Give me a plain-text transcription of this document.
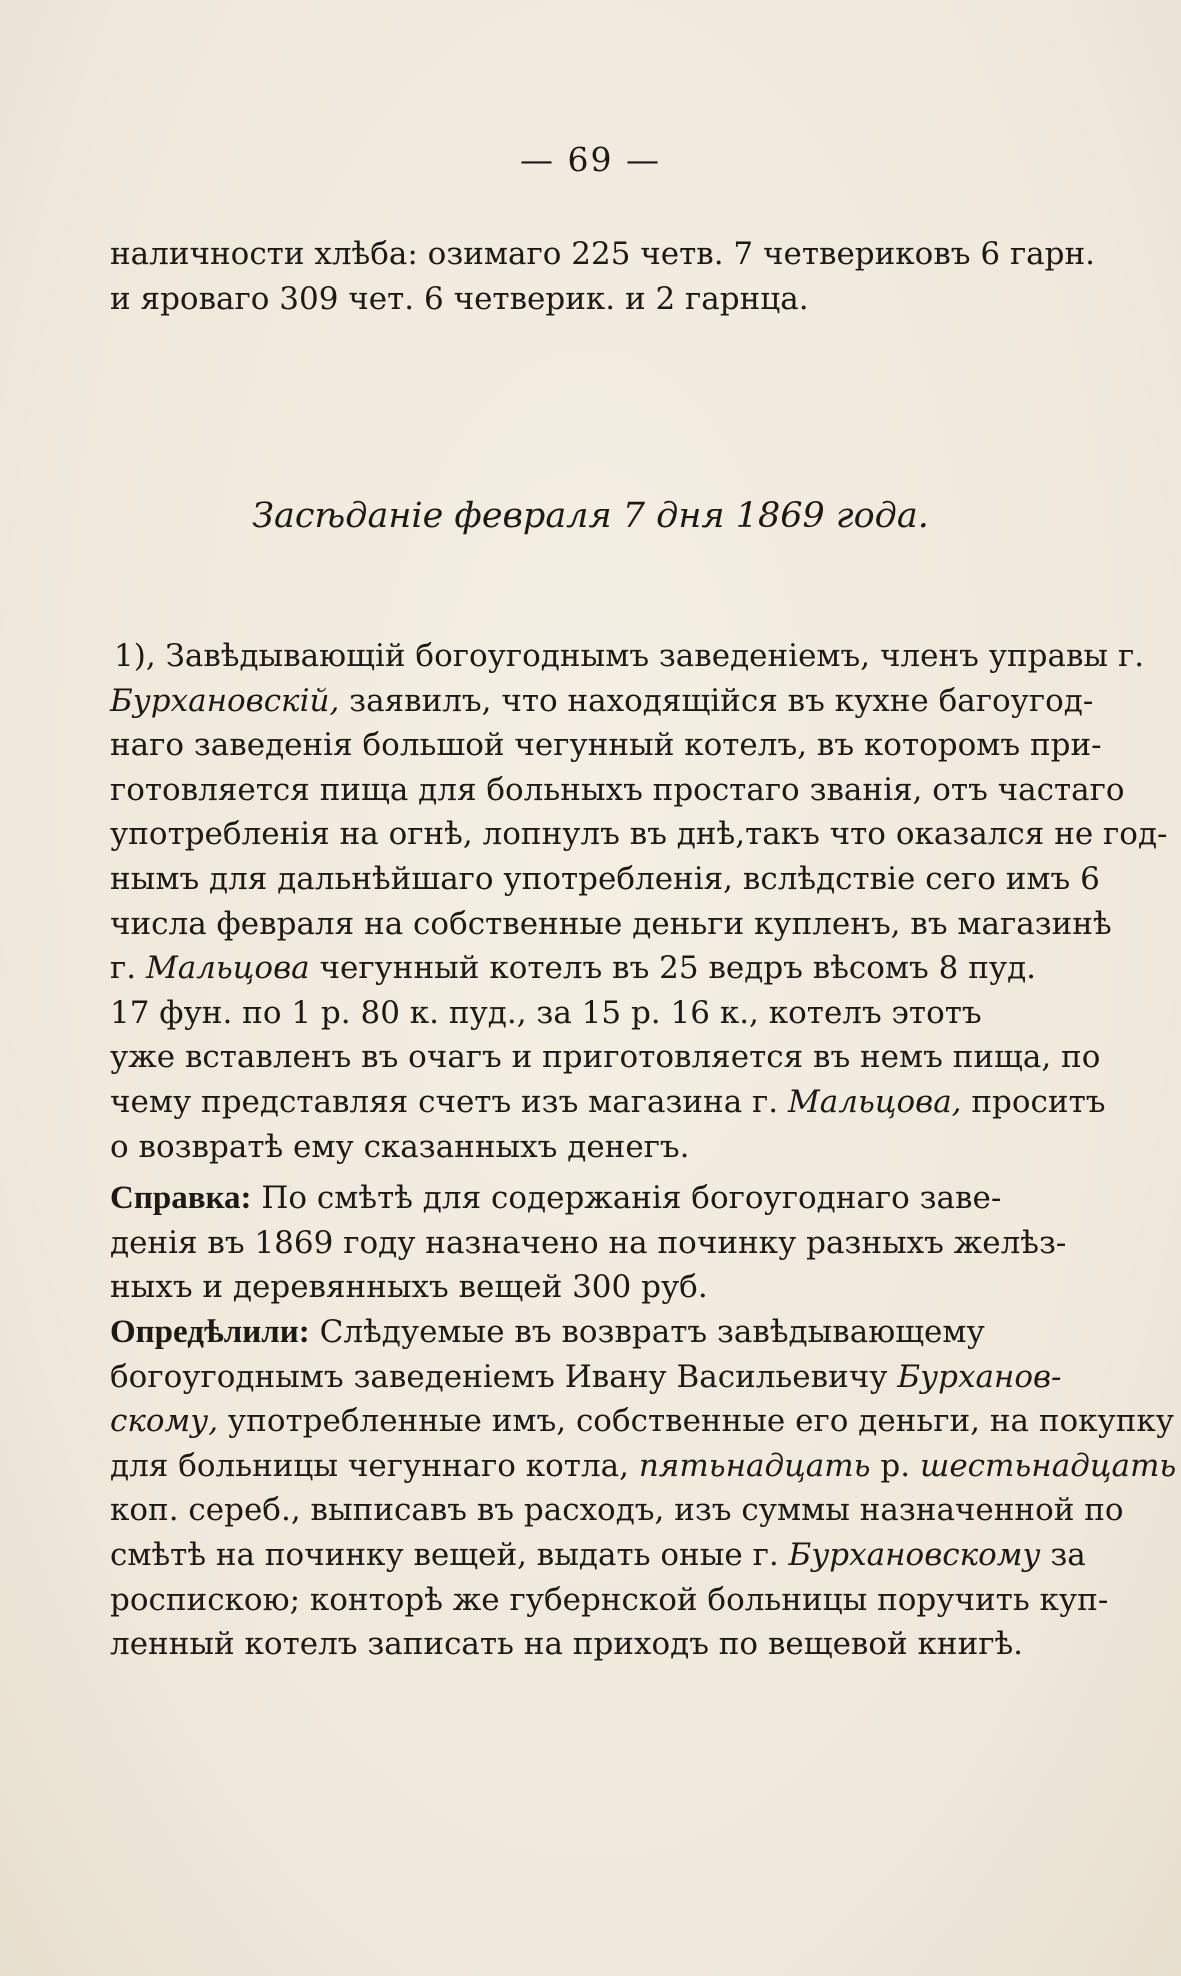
— 69 —
наличности хлѣба: озимаго 225 четв. 7 четвериковъ 6 гарн.
и яроваго 309 чет. 6 четверик. и 2 гарнца.
Засѣданіе февраля 7 дня 1869 года.
1), Завѣдывающій богоугоднымъ заведеніемъ, членъ управы г.
Бурхановскій, заявилъ, что находящійся въ кухне багоугод-
наго заведенія большой чегунный котелъ, въ которомъ при-
готовляется пища для больныхъ простаго званія, отъ частаго
употребленія на огнѣ, лопнулъ въ днѣ,такъ что оказался не год-
нымъ для дальнѣйшаго употребленія, вслѣдствіе сего имъ 6
числа февраля на собственные деньги купленъ, въ магазинѣ
г. Мальцова чегунный котелъ въ 25 ведръ вѣсомъ 8 пуд.
17 фун. по 1 р. 80 к. пуд., за 15 р. 16 к., котелъ этотъ
уже вставленъ въ очагъ и приготовляется въ немъ пища, по
чему представляя счетъ изъ магазина г. Мальцова, проситъ
о возвратѣ ему сказанныхъ денегъ.
Справка: По смѣтѣ для содержанія богоугоднаго заве-
денія въ 1869 году назначено на починку разныхъ желѣз-
ныхъ и деревянныхъ вещей 300 руб.
Опредѣлили: Слѣдуемые въ возвратъ завѣдывающему
богоугоднымъ заведеніемъ Ивану Васильевичу Бурханов-
скому, употребленные имъ, собственные его деньги, на покупку
для больницы чегуннаго котла, пятьнадцать р. шестьнадцать
коп. сереб., выписавъ въ расходъ, изъ суммы назначенной по
смѣтѣ на починку вещей, выдать оные г. Бурхановскому за
роспискою; конторѣ же губернской больницы поручить куп-
ленный котелъ записать на приходъ по вещевой книгѣ.
